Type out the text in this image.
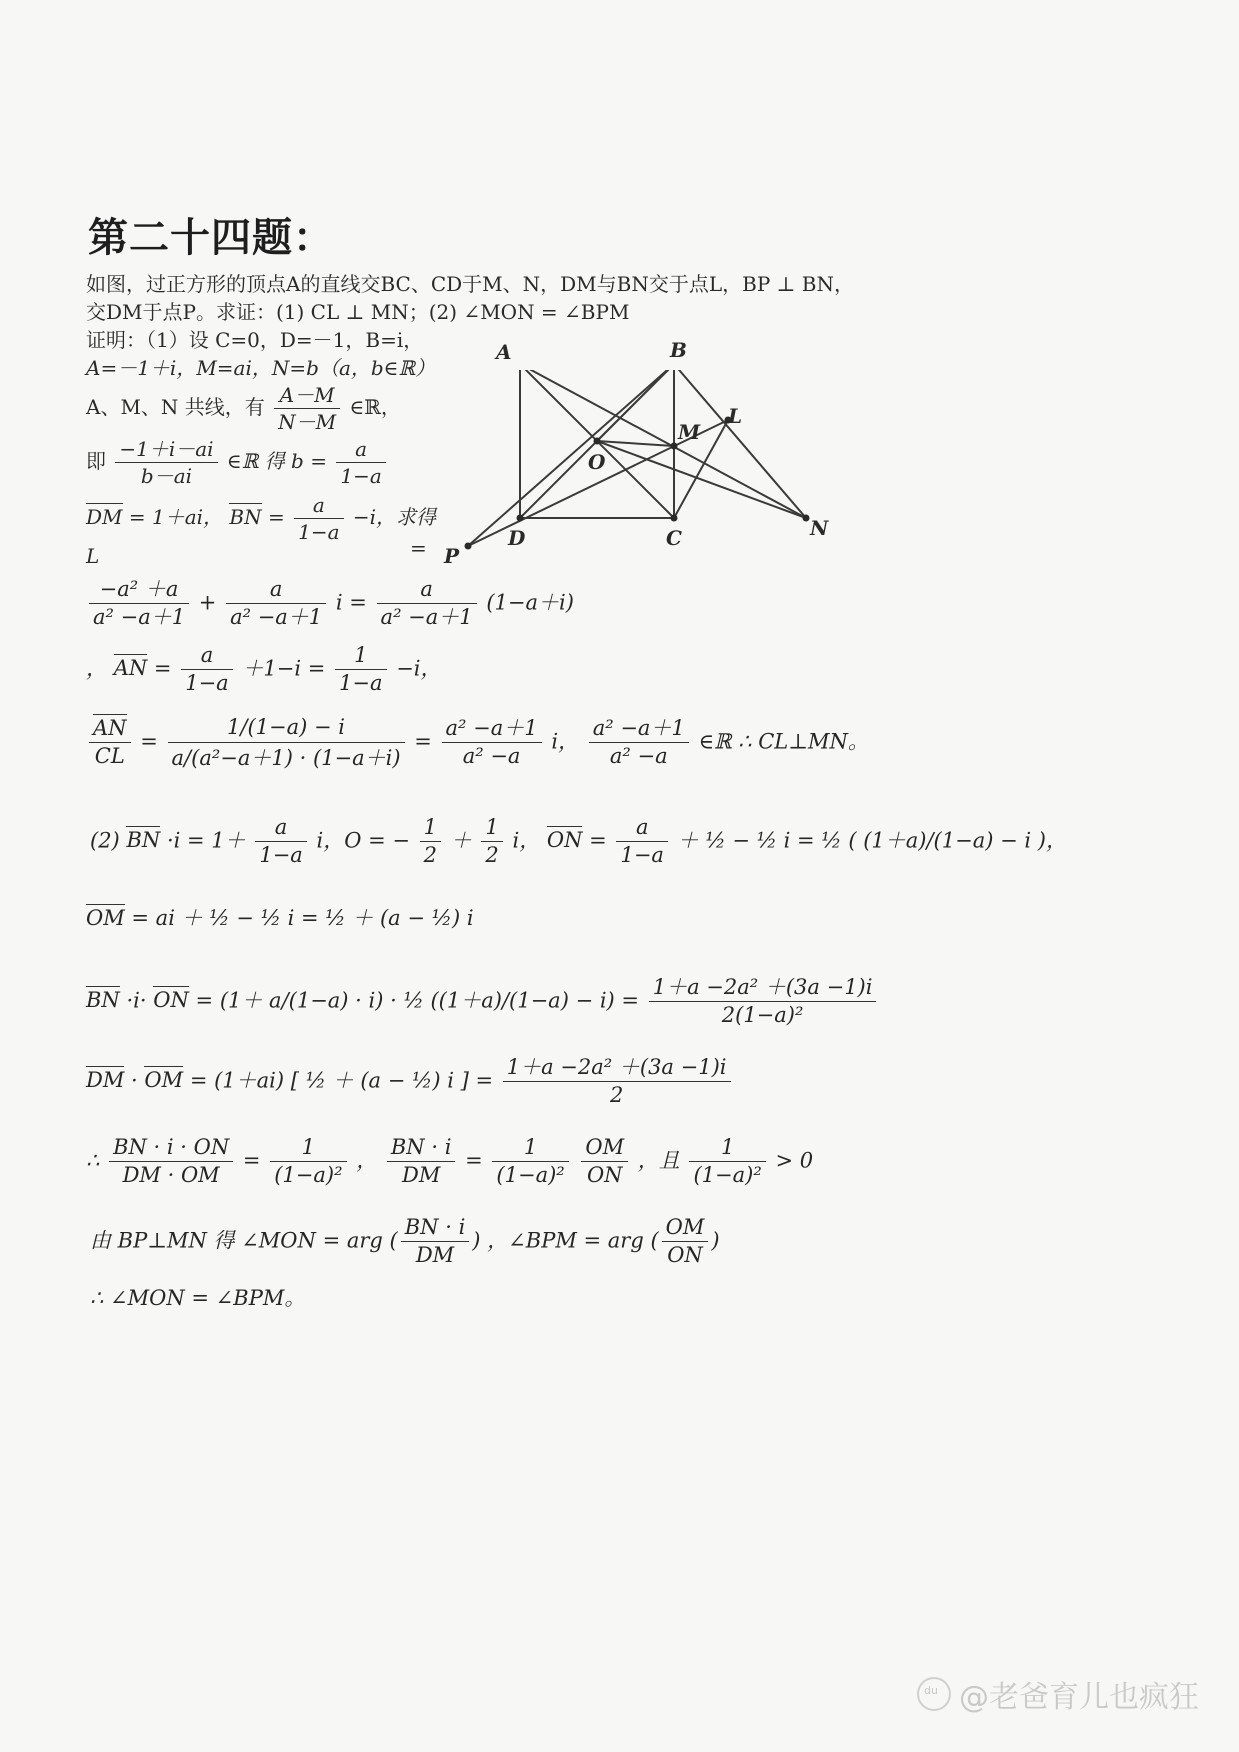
第二十四题：
如图，过正方形的顶点A的直线交BC、CD于M、N，DM与BN交于点L，BP ⊥ BN，
交DM于点P。求证：(1) CL ⊥ MN；(2) ∠MON = ∠BPM
证明：（1）设 C=0，D=－1，B=i，
A=－1＋i，M=ai，N=b（a，b∈ℝ）
A、M、N 共线，有 $\frac{A-M}{N-M}$ ∈ℝ，
即 $\frac{-1+i-ai}{b-ai}$ ∈ℝ 得 $b = \frac{a}{1-a}$
DM = 1＋ai， BN = $\frac{a}{1-a} -i$，求得
L	=
$\frac{\text{−a² ＋a}}{\text{a² −a＋1}} + \frac{a}{\text{a² −a＋1}}$ $i = \frac{a}{\text{a² −a＋1}} (1-a+i)$
， AN = $\frac{a}{1-a} +1-i = \frac{1}{1-a} -i$，
$\frac{AN}{CL} = \frac{1/(1-a) - i}{\text{a/(a²−a＋1) · (1−a＋i)}} = \frac{\text{a² −a＋1}}{\text{a² −a}}$ i， $\frac{\text{a² −a＋1}}{\text{a² −a}}$ ∈ℝ ∴ CL⊥MN。
(2) BN $\cdot i = 1+ \frac{a}{1-a}$ i，O = − $\frac{1}{2} + \frac{1}{2}$ i， ON = $\frac{a}{1-a}$ ＋ ½ − ½ i = ½ ( (1＋a)/(1−a) − i )，
OM = ai ＋ ½ − ½ i = ½ ＋ (a − ½) i
BN ·i· ON = (1＋ a/(1−a) · i) · ½ $((1+a)/(1-a) - i) = \frac{\text{1＋a −2a² ＋(3a −1)i}}{\text{2(1−a)²}}$
DM · OM = (1＋ai) [ ½ ＋ (a − ½) i ] = $\frac{\text{1＋a −2a² ＋(3a −1)i}}{2}$
∴ $\frac{BN \cdot i \cdot ON}{DM \cdot OM} = \frac{1}{\text{(1−a)²}}$ ， $\frac{BN \cdot i}{DM} = \frac{1}{\text{(1−a)²}}$
$\frac{OM}{ON}$ ，且 $\frac{1}{\text{(1−a)²}} > 0$
由 BP⊥MN 得 ∠MON = arg ( $\frac{BN \cdot i}{DM}$ ) ，∠BPM = arg ( $\frac{OM}{ON}$ )
∴ ∠MON = ∠BPM。
A	B
C
D
M
N
L
O
P
du
@老爸育儿也疯狂
